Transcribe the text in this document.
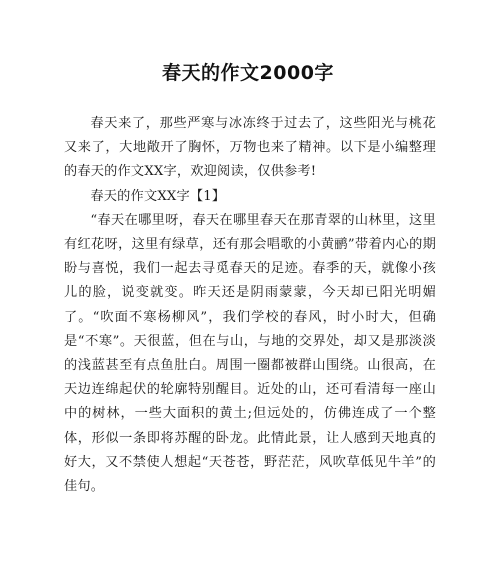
春天的作文2000字

春天来了，那些严寒与冰冻终于过去了，这些阳光与桃花又来了，大地敞开了胸怀，万物也来了精神。以下是小编整理的春天的作文XX字，欢迎阅读，仅供参考!

春天的作文XX字【1】

“春天在哪里呀，春天在哪里春天在那青翠的山林里，这里有红花呀，这里有绿草，还有那会唱歌的小黄鹂”带着内心的期盼与喜悦，我们一起去寻觅春天的足迹。春季的天，就像小孩儿的脸，说变就变。昨天还是阴雨蒙蒙，今天却已阳光明媚了。“吹面不寒杨柳风”，我们学校的春风，时小时大，但确是“不寒”。天很蓝，但在与山，与地的交界处，却又是那淡淡的浅蓝甚至有点鱼肚白。周围一圈都被群山围绕。山很高，在天边连绵起伏的轮廓特别醒目。近处的山，还可看清每一座山中的树林，一些大面积的黄土;但远处的，仿佛连成了一个整体，形似一条即将苏醒的卧龙。此情此景，让人感到天地真的好大，又不禁使人想起“天苍苍，野茫茫，风吹草低见牛羊”的佳句。
